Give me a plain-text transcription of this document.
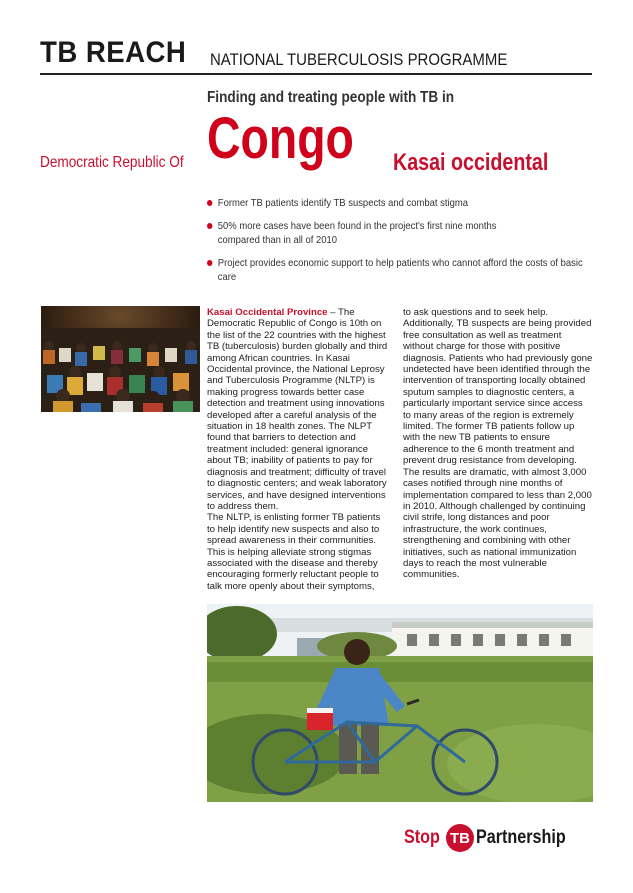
TB REACH NATIONAL TUBERCULOSIS PROGRAMME
Finding and treating people with TB in
Democratic Republic Of Congo Kasai occidental
Former TB patients identify TB suspects and combat stigma
50% more cases have been found in the project's first nine months compared than in all of 2010
Project provides economic support to help patients who cannot afford the costs of basic care

Kasai Occidental Province – The Democratic Republic of Congo is 10th on the list of the 22 countries with the highest TB (tuberculosis) burden globally and third among African countries. In Kasai Occidental province, the National Leprosy and Tuberculosis Programme (NLTP) is making progress towards better case detection and treatment using innovations developed after a careful analysis of the situation in 18 health zones. The NLPT found that barriers to detection and treatment included: general ignorance about TB; inability of patients to pay for diagnosis and treatment; difficulty of travel to diagnostic centers; and weak laboratory services, and have designed interventions to address them.

The NLTP, is enlisting former TB patients to help identify new suspects and also to spread awareness in their communities. This is helping alleviate strong stigmas associated with the disease and thereby encouraging formerly reluctant people to talk more openly about their symptoms,

to ask questions and to seek help. Additionally, TB suspects are being provided free consultation as well as treatment without charge for those with positive diagnosis. Patients who had previously gone undetected have been identified through the intervention of transporting locally obtained sputum samples to diagnostic centers, a particularly important service since access to many areas of the region is extremely limited. The former TB patients follow up with the new TB patients to ensure adherence to the 6 month treatment and prevent drug resistance from developing. The results are dramatic, with almost 3,000 cases notified through nine months of implementation compared to less than 2,000 in 2010. Although challenged by continuing civil strife, long distances and poor infrastructure, the work continues, strengthening and combining with other initiatives, such as national immunization days to reach the most vulnerable communities.

Stop TB Partnership
